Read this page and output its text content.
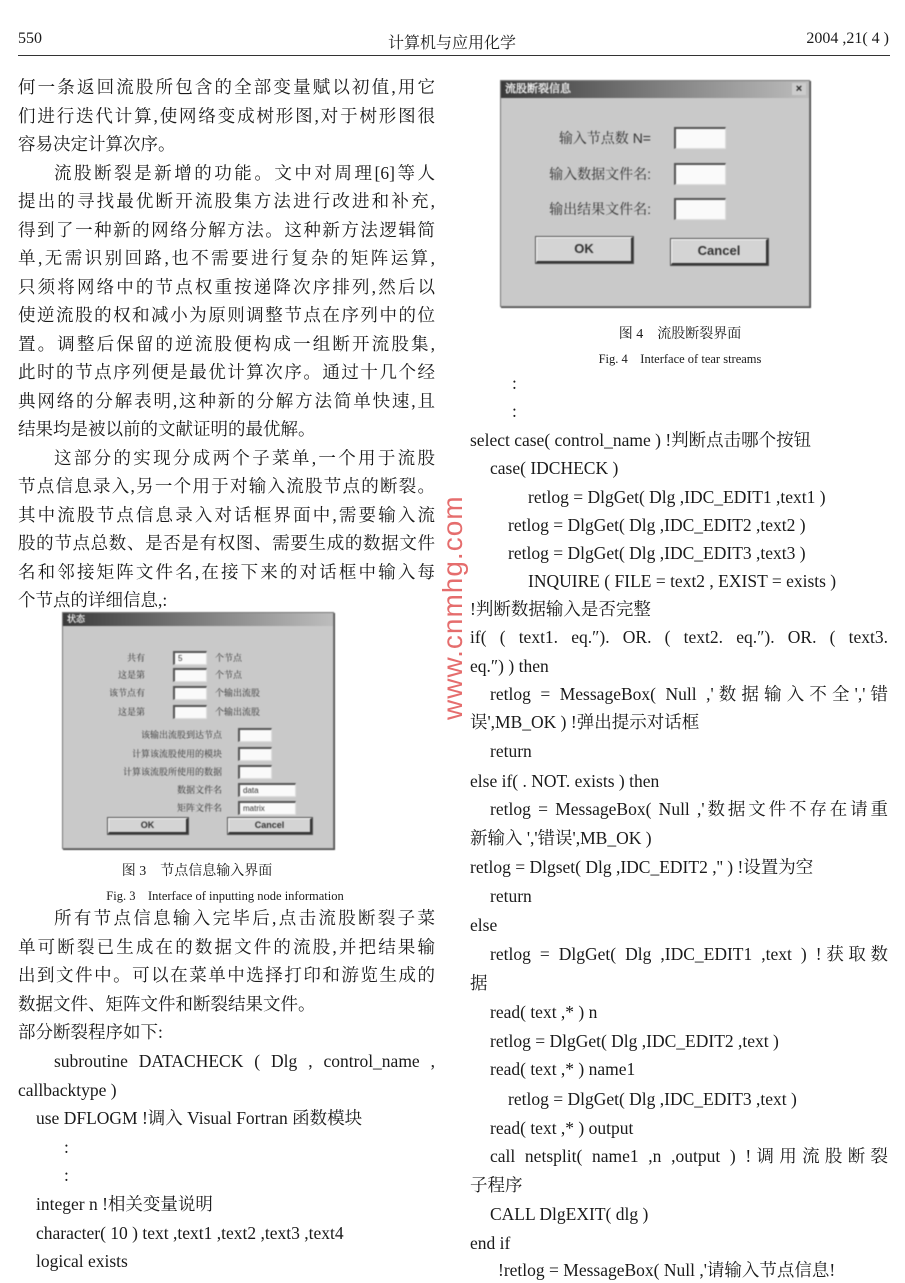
550	计算机与应用化学	2004 ,21( 4 )
何一条返回流股所包含的全部变量赋以初值,用它
们进行迭代计算,使网络变成树形图,对于树形图很
容易决定计算次序。
流股断裂是新增的功能。文中对周理[6]等人
提出的寻找最优断开流股集方法进行改进和补充,
得到了一种新的网络分解方法。这种新方法逻辑简
单,无需识别回路,也不需要进行复杂的矩阵运算,
只须将网络中的节点权重按递降次序排列,然后以
使逆流股的权和减小为原则调整节点在序列中的位
置。调整后保留的逆流股便构成一组断开流股集,
此时的节点序列便是最优计算次序。通过十几个经
典网络的分解表明,这种新的分解方法简单快速,且
结果均是被以前的文献证明的最优解。
这部分的实现分成两个子菜单,一个用于流股
节点信息录入,另一个用于对输入流股节点的断裂。
其中流股节点信息录入对话框界面中,需要输入流
股的节点总数、是否是有权图、需要生成的数据文件
名和邻接矩阵文件名,在接下来的对话框中输入每
个节点的详细信息,:
所有节点信息输入完毕后,点击流股断裂子菜
单可断裂已生成在的数据文件的流股,并把结果输
出到文件中。可以在菜单中选择打印和游览生成的
数据文件、矩阵文件和断裂结果文件。
部分断裂程序如下:
subroutine DATACHECK ( Dlg , control_name ,
callbacktype )
use DFLOGM !调入 Visual Fortran 函数模块
:
:
integer n !相关变量说明
character( 10 ) text ,text1 ,text2 ,text3 ,text4
logical exists
:
:
select case( control_name ) !判断点击哪个按钮
case( IDCHECK )
retlog = DlgGet( Dlg ,IDC_EDIT1 ,text1 )
retlog = DlgGet( Dlg ,IDC_EDIT2 ,text2 )
retlog = DlgGet( Dlg ,IDC_EDIT3 ,text3 )
INQUIRE ( FILE = text2 , EXIST = exists )
!判断数据输入是否完整
if( ( text1. eq.″). OR. ( text2. eq.″). OR. ( text3.
eq.″) ) then
retlog = MessageBox( Null ,'数据输入不全','错
误',MB_OK ) !弹出提示对话框
return
else if( . NOT. exists ) then
retlog = MessageBox( Null ,'数据文件不存在请重
新输入 ','错误',MB_OK )
retlog = Dlgset( Dlg ,IDC_EDIT2 ,'' ) !设置为空
return
else
retlog = DlgGet( Dlg ,IDC_EDIT1 ,text ) !获取数
据
read( text ,* ) n
retlog = DlgGet( Dlg ,IDC_EDIT2 ,text )
read( text ,* ) name1
retlog = DlgGet( Dlg ,IDC_EDIT3 ,text )
read( text ,* ) output
call netsplit( name1 ,n ,output ) !调用流股断裂
子程序
CALL DlgEXIT( dlg )
end if
!retlog = MessageBox( Null ,'请输入节点信息!
状态
共有	5	个节点
这是第	个节点
该节点有	个输出流股
这是第	个输出流股
该输出流股到达节点
计算该流股使用的模块
计算该流股所使用的数据
数据文件名	data
矩阵文件名	matrix
OK	Cancel
图 3　节点信息输入界面
Fig. 3　Interface of inputting node information
流股断裂信息	×
输入节点数 N=
输入数据文件名:
输出结果文件名:
OK	Cancel
图 4　流股断裂界面
Fig. 4　Interface of tear streams
www.cnmhg.com
